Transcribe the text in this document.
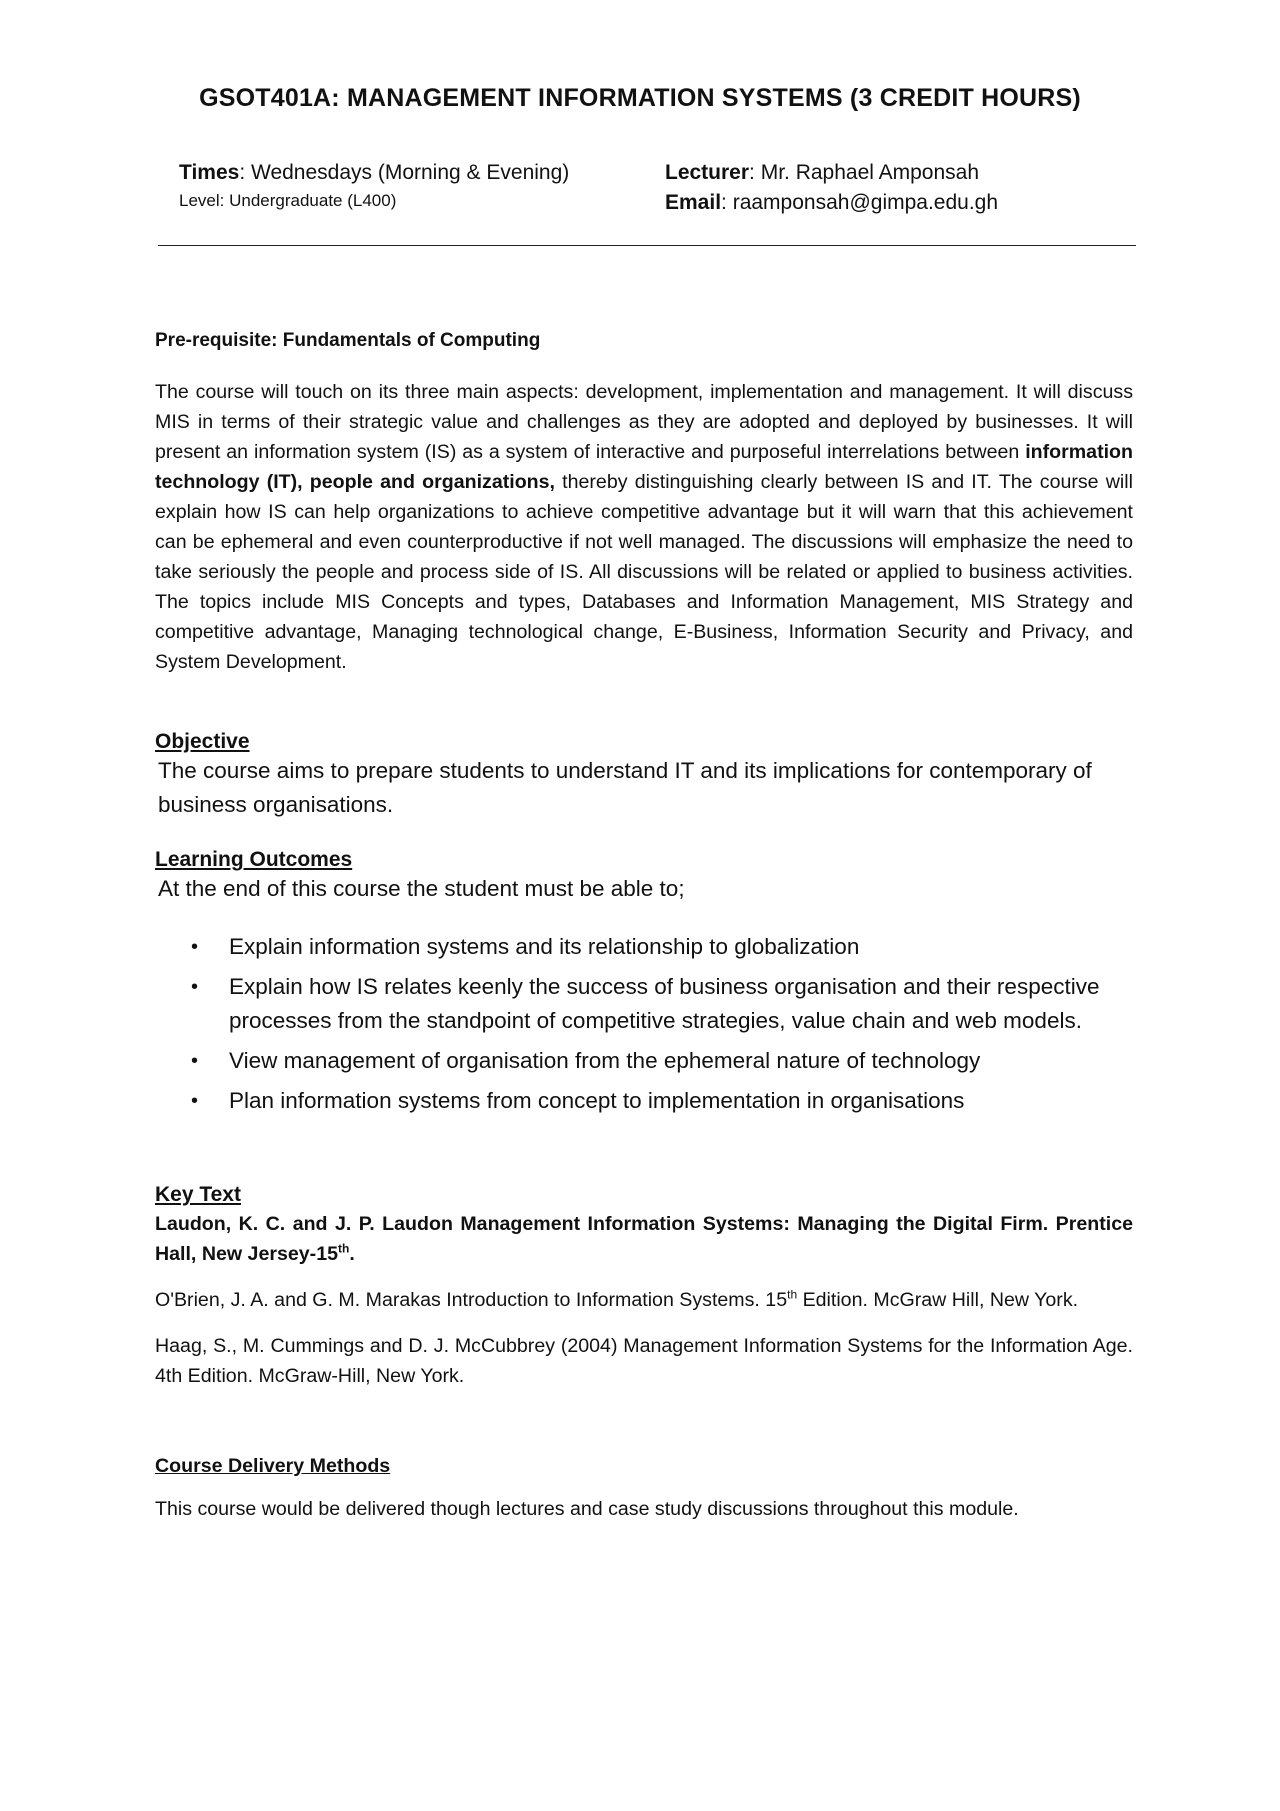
GSOT401A: MANAGEMENT INFORMATION SYSTEMS (3 CREDIT HOURS)
Times: Wednesdays (Morning & Evening)
Level: Undergraduate (L400)
Lecturer: Mr. Raphael Amponsah
Email: raamponsah@gimpa.edu.gh
Pre-requisite: Fundamentals of Computing
The course will touch on its three main aspects: development, implementation and management. It will discuss MIS in terms of their strategic value and challenges as they are adopted and deployed by businesses. It will present an information system (IS) as a system of interactive and purposeful interrelations between information technology (IT), people and organizations, thereby distinguishing clearly between IS and IT. The course will explain how IS can help organizations to achieve competitive advantage but it will warn that this achievement can be ephemeral and even counterproductive if not well managed. The discussions will emphasize the need to take seriously the people and process side of IS. All discussions will be related or applied to business activities. The topics include MIS Concepts and types, Databases and Information Management, MIS Strategy and competitive advantage, Managing technological change, E-Business, Information Security and Privacy, and System Development.
Objective

The course aims to prepare students to understand IT and its implications for contemporary of business organisations.

Learning Outcomes

At the end of this course the student must be able to;

• Explain information systems and its relationship to globalization
• Explain how IS relates keenly the success of business organisation and their respective processes from the standpoint of competitive strategies, value chain and web models.
• View management of organisation from the ephemeral nature of technology
• Plan information systems from concept to implementation in organisations
Key Text

Laudon, K. C. and J. P. Laudon Management Information Systems: Managing the Digital Firm. Prentice Hall, New Jersey-15th.

O'Brien, J. A. and G. M. Marakas Introduction to Information Systems. 15th Edition. McGraw Hill, New York.

Haag, S., M. Cummings and D. J. McCubbrey (2004) Management Information Systems for the Information Age. 4th Edition. McGraw-Hill, New York.

Course Delivery Methods

This course would be delivered though lectures and case study discussions throughout this module.
